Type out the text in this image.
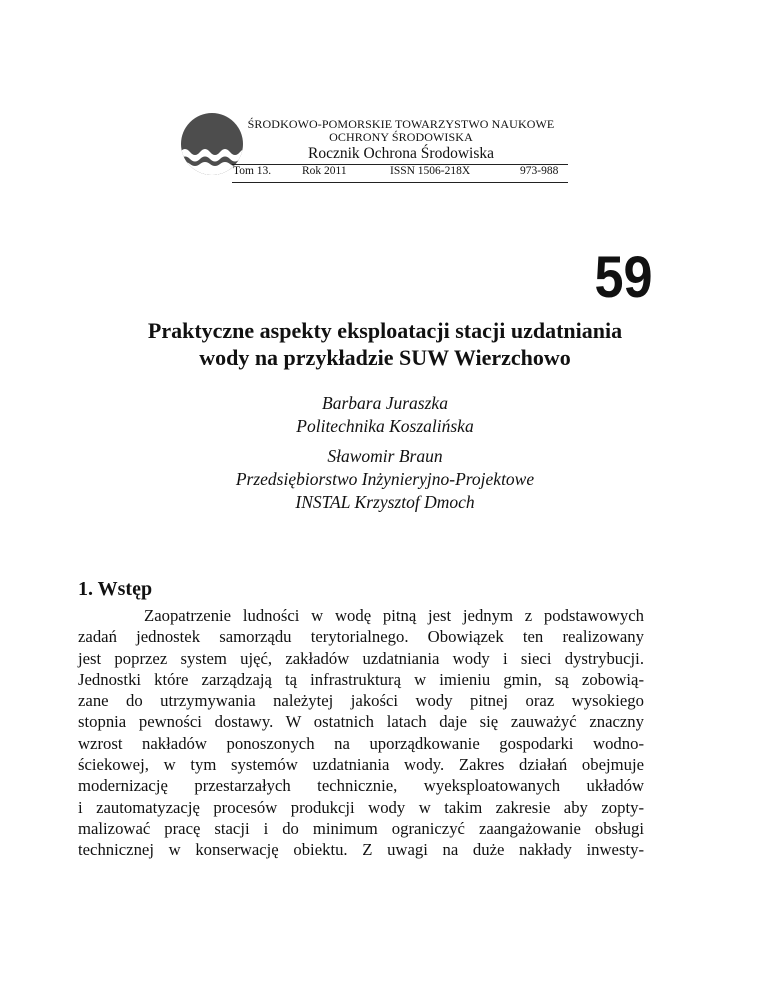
ŚRODKOWO-POMORSKIE TOWARZYSTWO NAUKOWE
OCHRONY ŚRODOWISKA
Rocznik Ochrona Środowiska
Tom 13.	Rok 2011	ISSN 1506-218X	973-988
59
Praktyczne aspekty eksploatacji stacji uzdatniania
wody na przykładzie SUW Wierzchowo
Barbara Juraszka
Politechnika Koszalińska
Sławomir Braun
Przedsiębiorstwo Inżynieryjno-Projektowe
INSTAL Krzysztof Dmoch
1. Wstęp
Zaopatrzenie ludności w wodę pitną jest jednym z podstawowych
zadań jednostek samorządu terytorialnego. Obowiązek ten realizowany
jest poprzez system ujęć, zakładów uzdatniania wody i sieci dystrybucji.
Jednostki które zarządzają tą infrastrukturą w imieniu gmin, są zobowią-
zane do utrzymywania należytej jakości wody pitnej oraz wysokiego
stopnia pewności dostawy. W ostatnich latach daje się zauważyć znaczny
wzrost nakładów ponoszonych na uporządkowanie gospodarki wodno-
ściekowej, w tym systemów uzdatniania wody. Zakres działań obejmuje
modernizację przestarzałych technicznie, wyeksploatowanych układów
i zautomatyzację procesów produkcji wody w takim zakresie aby zopty-
malizować pracę stacji i do minimum ograniczyć zaangażowanie obsługi
technicznej w konserwację obiektu. Z uwagi na duże nakłady inwesty-
